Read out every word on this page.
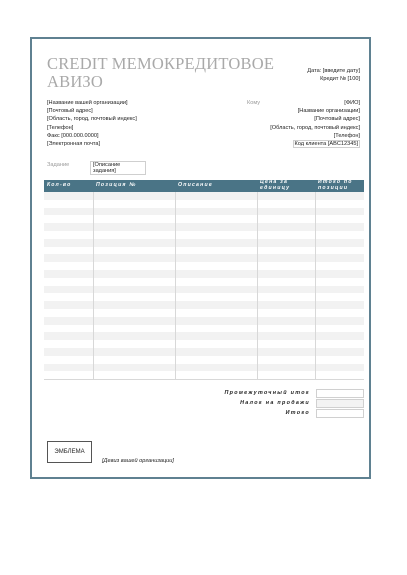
CREDIT МЕМОКРЕДИТОВОЕ АВИЗО
Дата: [введите дату]
Кредит № [100]
[Название вашей организации]
[Почтовый адрес]
[Область, город, почтовый индекс]
[Телефон]
Факс [000.000.0000]
[Электронная почта]
Кому	[ФИО]
[Название организации]
[Почтовый адрес]
[Область, город, почтовый индекс]
[Телефон]
Код клиента [ABC12345]
Задание	[Описание задания]
Кол-во	Позиция №	Описание	Цена за единицу	Итого по позиции

Промежуточный итог
Налог на продажи
Итого
ЭМБЛЕМА
[Девиз вашей организации]
